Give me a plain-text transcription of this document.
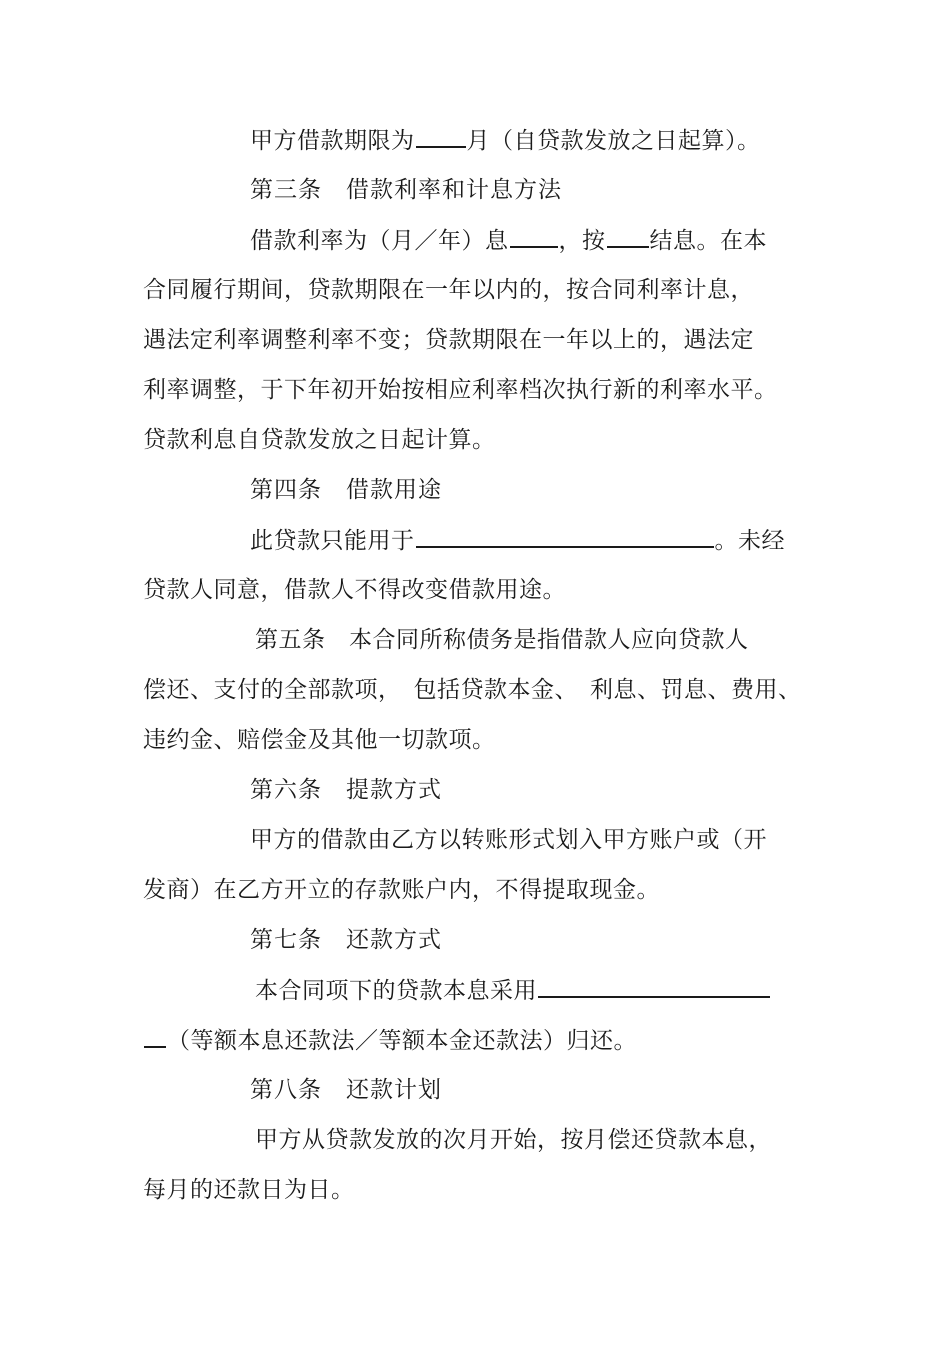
甲方借款期限为 月（自贷款发放之日起算）。
第三条　借款利率和计息方法
借款利率为（月／年）息 ，按 结息。在本
合同履行期间，贷款期限在一年以内的，按合同利率计息，
遇法定利率调整利率不变；贷款期限在一年以上的，遇法定
利率调整，于下年初开始按相应利率档次执行新的利率水平。
贷款利息自贷款发放之日起计算。
第四条　借款用途
此贷款只能用于	。未经
贷款人同意，借款人不得改变借款用途。
第五条　本合同所称债务是指借款人应向贷款人
偿还、支付的全部款项，　包括贷款本金、　利息、罚息、费用、
违约金、赔偿金及其他一切款项。
第六条　提款方式
甲方的借款由乙方以转账形式划入甲方账户或（开
发商）在乙方开立的存款账户内，不得提取现金。
第七条　还款方式
本合同项下的贷款本息采用
（等额本息还款法／等额本金还款法）归还。
第八条　还款计划
甲方从贷款发放的次月开始，按月偿还贷款本息，
每月的还款日为日。
